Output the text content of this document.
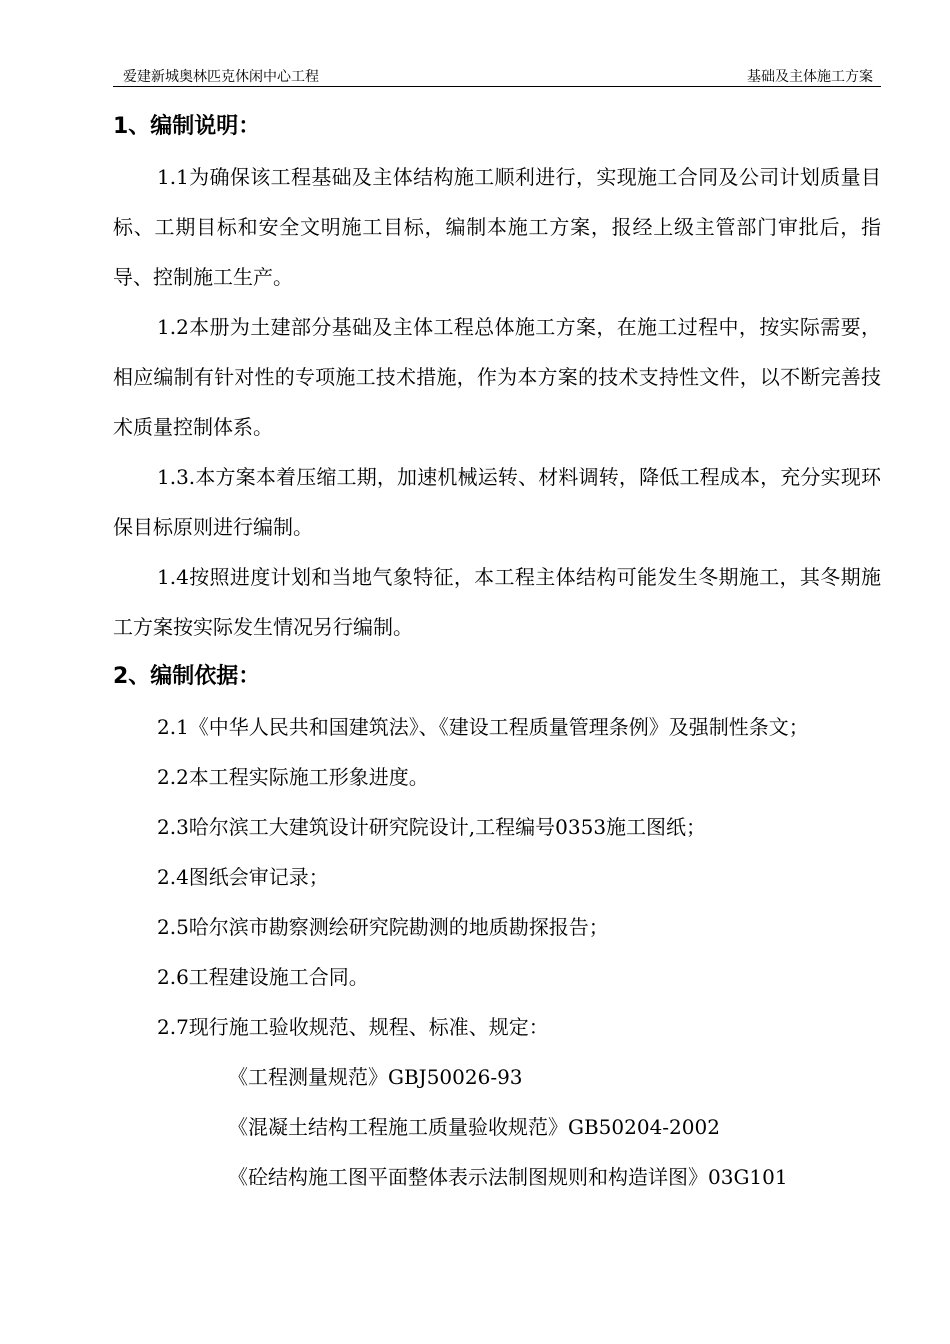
爱建新城奥林匹克休闲中心工程	基础及主体施工方案
1、编制说明：

1.1为确保该工程基础及主体结构施工顺利进行，实现施工合同及公司计划质量目标、工期目标和安全文明施工目标，编制本施工方案，报经上级主管部门审批后，指导、控制施工生产。

1.2本册为土建部分基础及主体工程总体施工方案，在施工过程中，按实际需要，相应编制有针对性的专项施工技术措施，作为本方案的技术支持性文件，以不断完善技术质量控制体系。

1.3.本方案本着压缩工期，加速机械运转、材料调转，降低工程成本，充分实现环保目标原则进行编制。

1.4按照进度计划和当地气象特征，本工程主体结构可能发生冬期施工，其冬期施工方案按实际发生情况另行编制。

2、编制依据：

2.1《中华人民共和国建筑法》、《建设工程质量管理条例》及强制性条文；

2.2本工程实际施工形象进度。

2.3哈尔滨工大建筑设计研究院设计,工程编号0353施工图纸；

2.4图纸会审记录；

2.5哈尔滨市勘察测绘研究院勘测的地质勘探报告；

2.6工程建设施工合同。

2.7现行施工验收规范、规程、标准、规定：

《工程测量规范》GBJ50026-93

《混凝土结构工程施工质量验收规范》GB50204-2002

《砼结构施工图平面整体表示法制图规则和构造详图》03G101
